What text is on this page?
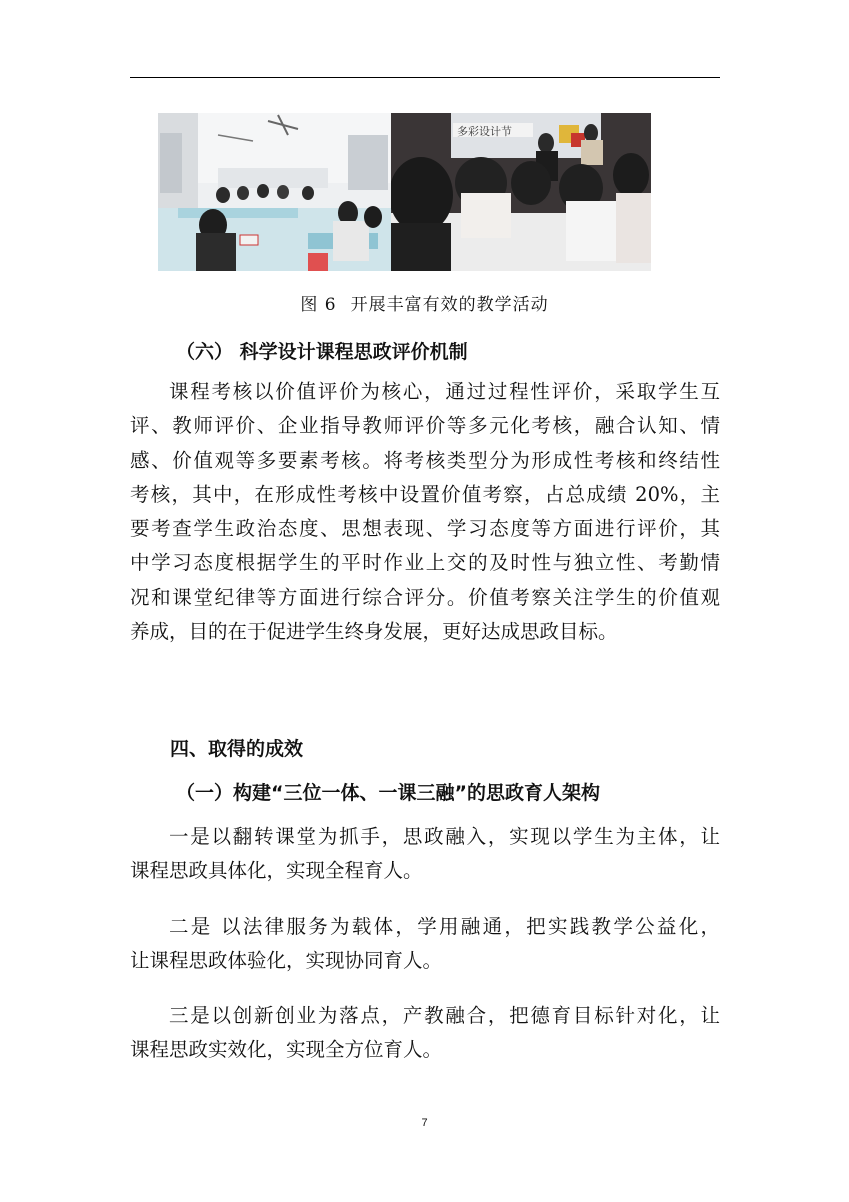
多彩设计节
图 6 开展丰富有效的教学活动
（六） 科学设计课程思政评价机制
课程考核以价值评价为核心，通过过程性评价，采取学生互
评、教师评价、企业指导教师评价等多元化考核，融合认知、情
感、价值观等多要素考核。将考核类型分为形成性考核和终结性
考核，其中，在形成性考核中设置价值考察，占总成绩 20%，主
要考查学生政治态度、思想表现、学习态度等方面进行评价，其
中学习态度根据学生的平时作业上交的及时性与独立性、考勤情
况和课堂纪律等方面进行综合评分。价值考察关注学生的价值观
养成，目的在于促进学生终身发展，更好达成思政目标。
四、取得的成效
（一）构建“三位一体、一课三融”的思政育人架构
一是以翻转课堂为抓手，思政融入，实现以学生为主体，让
课程思政具体化，实现全程育人。
二是 以法律服务为载体，学用融通，把实践教学公益化，
让课程思政体验化，实现协同育人。
三是以创新创业为落点，产教融合，把德育目标针对化，让
课程思政实效化，实现全方位育人。
7
